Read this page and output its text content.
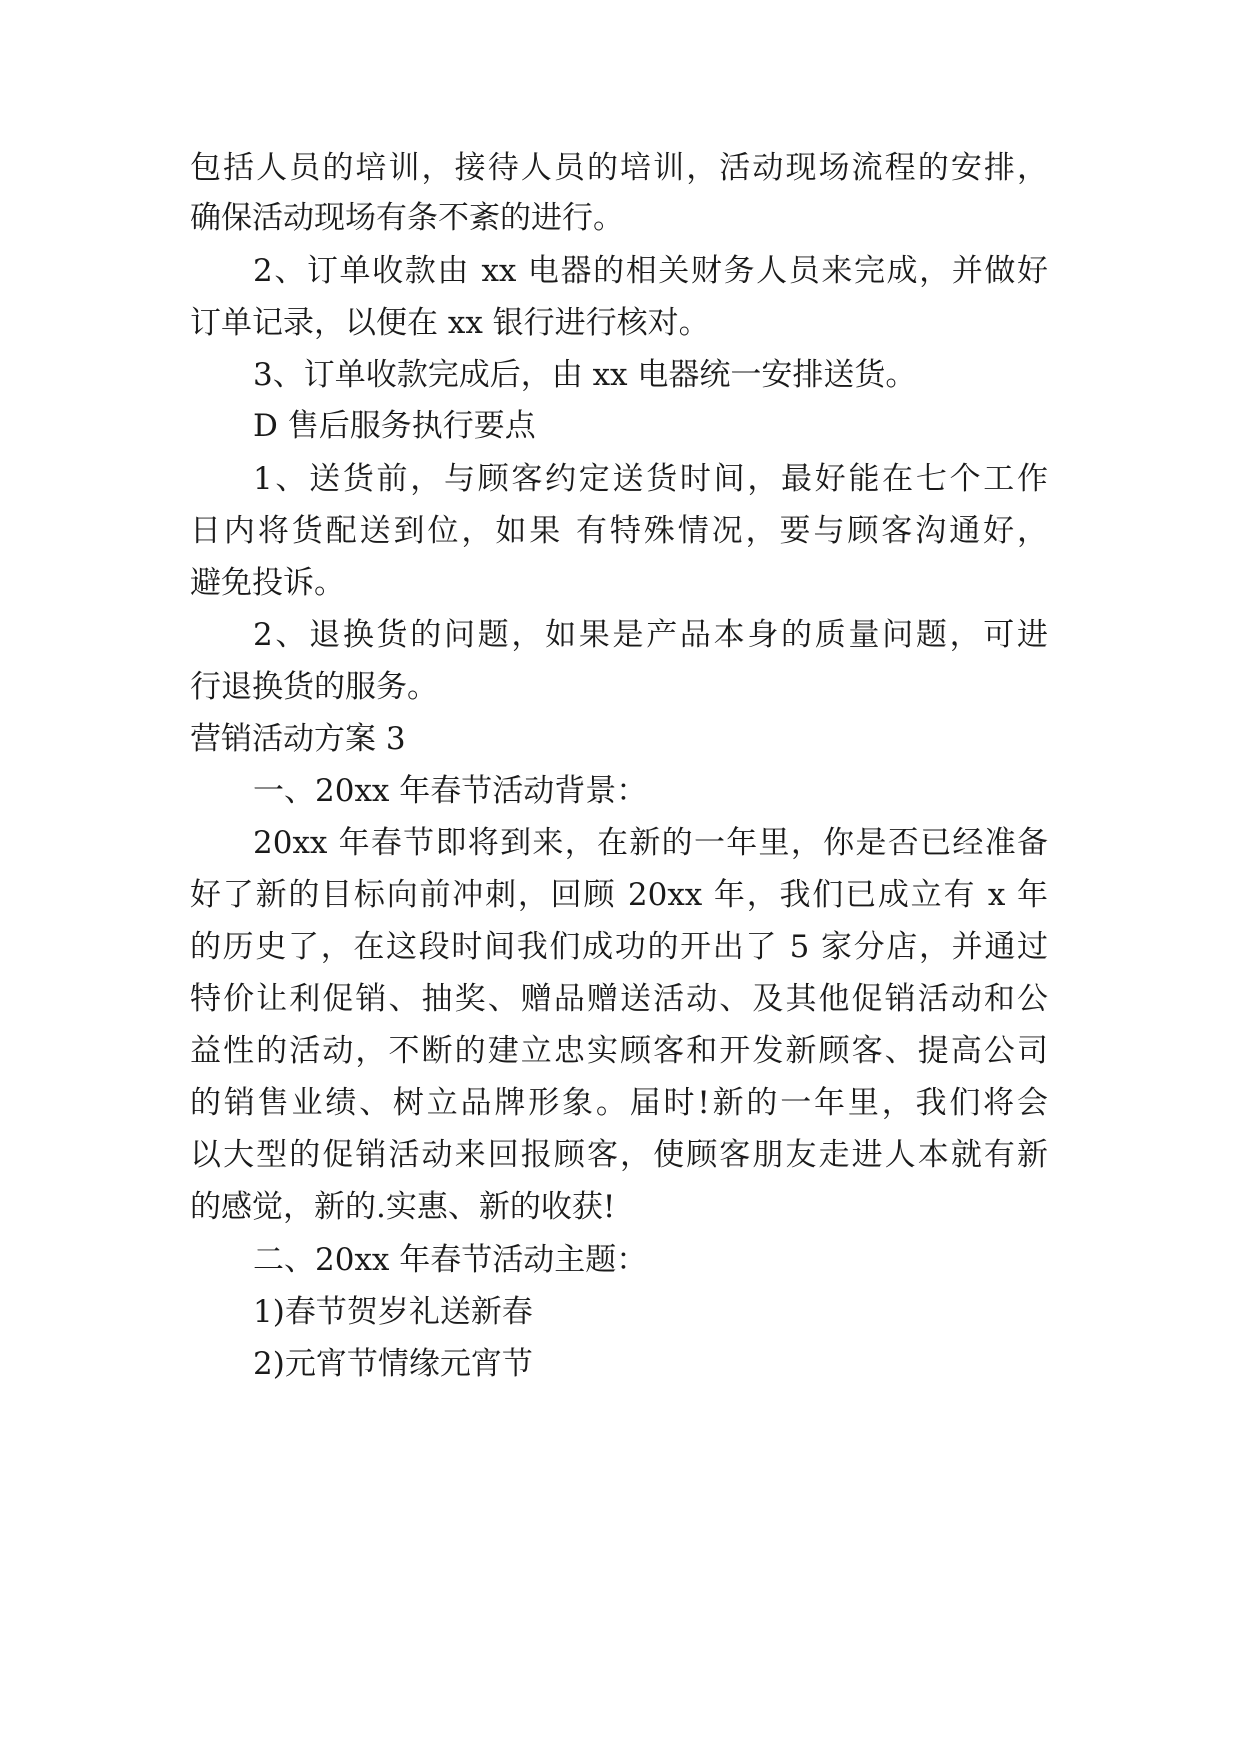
包括人员的培训，接待人员的培训，活动现场流程的安排，
确保活动现场有条不紊的进行。
2、订单收款由 xx 电器的相关财务人员来完成，并做好
订单记录，以便在 xx 银行进行核对。
3、订单收款完成后，由 xx 电器统一安排送货。
D 售后服务执行要点
1、送货前，与顾客约定送货时间，最好能在七个工作
日内将货配送到位，如果 有特殊情况，要与顾客沟通好，
避免投诉。
2、退换货的问题，如果是产品本身的质量问题，可进
行退换货的服务。
营销活动方案 3
一、20xx 年春节活动背景：
20xx 年春节即将到来，在新的一年里，你是否已经准备
好了新的目标向前冲刺，回顾 20xx 年，我们已成立有 x 年
的历史了，在这段时间我们成功的开出了 5 家分店，并通过
特价让利促销、抽奖、赠品赠送活动、及其他促销活动和公
益性的活动，不断的建立忠实顾客和开发新顾客、提高公司
的销售业绩、树立品牌形象。届时!新的一年里，我们将会
以大型的促销活动来回报顾客，使顾客朋友走进人本就有新
的感觉，新的.实惠、新的收获!
二、20xx 年春节活动主题：
1)春节贺岁礼送新春
2)元宵节情缘元宵节
